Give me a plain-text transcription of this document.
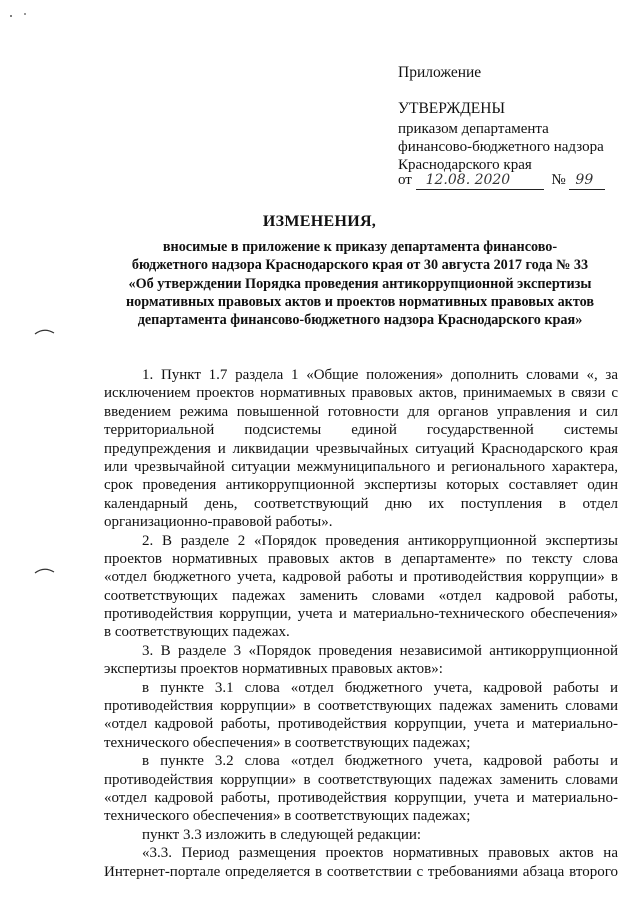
Приложение
УТВЕРЖДЕНЫ
приказом департамента
финансово-бюджетного надзора
Краснодарского края
от 12.08. 2020	№ 99
ИЗМЕНЕНИЯ,
вносимые в приложение к приказу департамента финансово-
бюджетного надзора Краснодарского края от 30 августа 2017 года № 33
«Об утверждении Порядка проведения антикоррупционной экспертизы
нормативных правовых актов и проектов нормативных правовых актов
департамента финансово-бюджетного надзора Краснодарского края»
1. Пункт 1.7 раздела 1 «Общие положения» дополнить словами «, за
исключением проектов нормативных правовых актов, принимаемых в связи с
введением режима повышенной готовности для органов управления и сил
территориальной подсистемы единой государственной системы
предупреждения и ликвидации чрезвычайных ситуаций Краснодарского края
или чрезвычайной ситуации межмуниципального и регионального характера,
срок проведения антикоррупционной экспертизы которых составляет один
календарный день, соответствующий дню их поступления в отдел
организационно-правовой работы».
2. В разделе 2 «Порядок проведения антикоррупционной экспертизы
проектов нормативных правовых актов в департаменте» по тексту слова
«отдел бюджетного учета, кадровой работы и противодействия коррупции» в
соответствующих падежах заменить словами «отдел кадровой работы,
противодействия коррупции, учета и материально-технического обеспечения»
в соответствующих падежах.
3. В разделе 3 «Порядок проведения независимой антикоррупционной
экспертизы проектов нормативных правовых актов»:
в пункте 3.1 слова «отдел бюджетного учета, кадровой работы и
противодействия коррупции» в соответствующих падежах заменить словами
«отдел кадровой работы, противодействия коррупции, учета и материально-
технического обеспечения» в соответствующих падежах;
в пункте 3.2 слова «отдел бюджетного учета, кадровой работы и
противодействия коррупции» в соответствующих падежах заменить словами
«отдел кадровой работы, противодействия коррупции, учета и материально-
технического обеспечения» в соответствующих падежах;
пункт 3.3 изложить в следующей редакции:
«3.3. Период размещения проектов нормативных правовых актов на
Интернет-портале определяется в соответствии с требованиями абзаца второго
